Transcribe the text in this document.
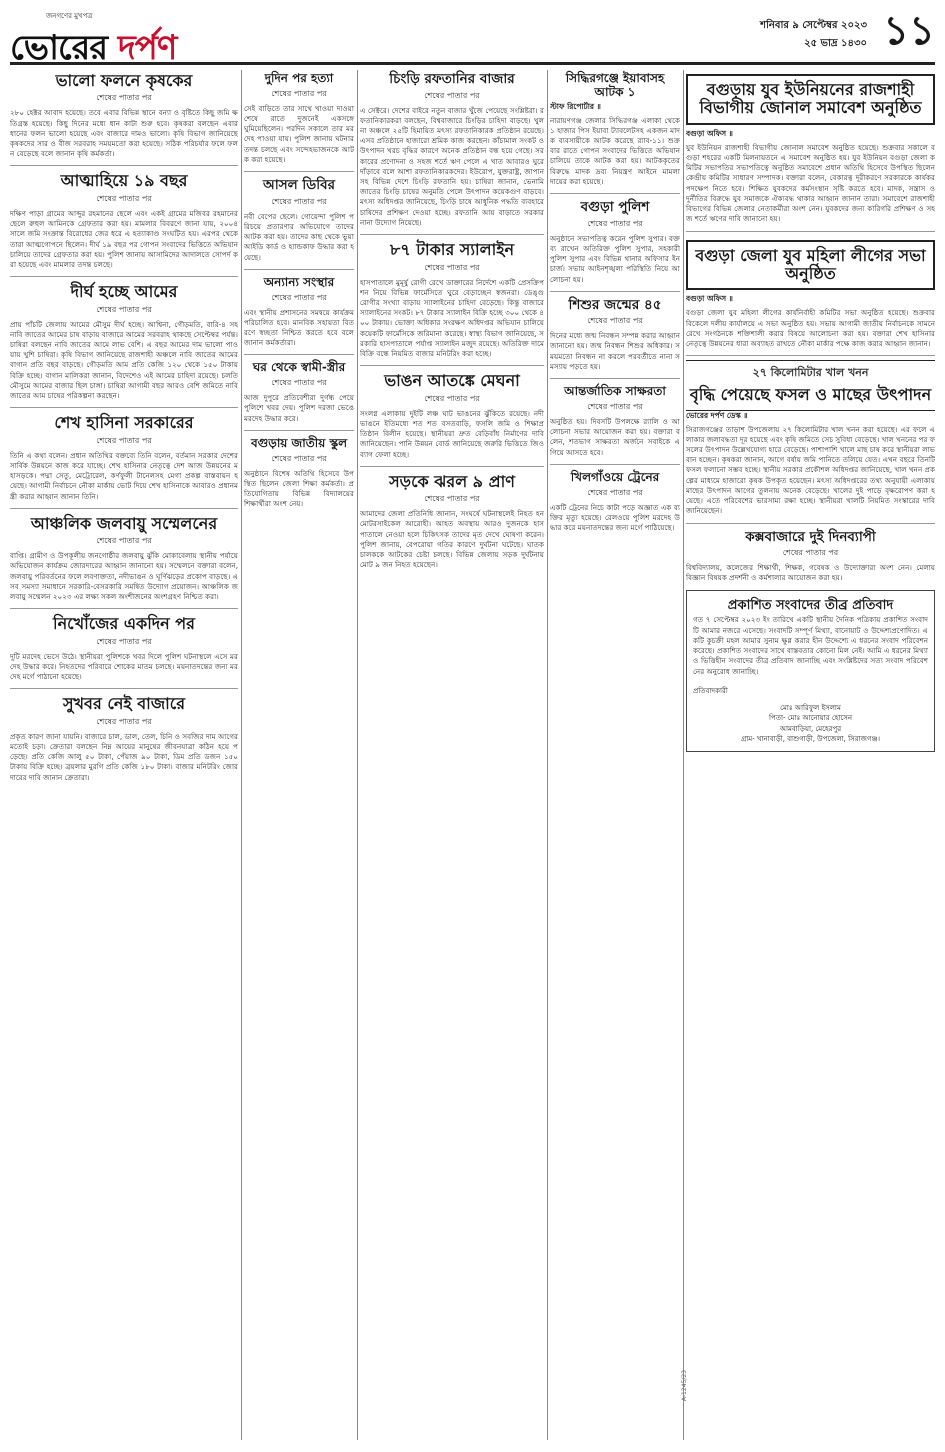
জনগণের মুখপত্র
ভোরের দর্পণ
শনিবার ৯ সেপ্টেম্বর ২০২৩
২৫ ভাদ্র ১৪৩০ ১১
ভালো ফলনে কৃষকের
শেষের পাতার পর

২৮০ হেক্টর আবাদ হয়েছে। তবে এবার বিভিন্ন স্থানে বন্যা ও বৃষ্টিতে কিছু জমি ক্ষতিগ্রস্ত হয়েছে। কিছু দিনের মধ্যে ধান কাটা শুরু হবে। কৃষকরা বলছেন এবার ধানের ফলন ভালো হয়েছে এবং বাজারে দামও ভালো। কৃষি বিভাগ জানিয়েছে কৃষকদের সার ও বীজ সরবরাহ সময়মতো করা হয়েছে। সঠিক পরিচর্যার ফলে ফলন বেড়েছে বলে জানান কৃষি কর্মকর্তা।

আত্মাহিয়ে ১৯ বছর
শেষের পাতার পর

দক্ষিণ পাড়া গ্রামের আব্দুর রহমানের ছেলে এবং একই গ্রামের মজিবর রহমানের ছেলে রুহুল আমিনকে গ্রেফতার করা হয়। মামলার বিবরণে জানা যায়, ২০০৪ সালে জমি সংক্রান্ত বিরোধের জের ধরে এ হত্যাকাণ্ড সংঘটিত হয়। এরপর থেকে তারা আত্মগোপনে ছিলেন। দীর্ঘ ১৯ বছর পর গোপন সংবাদের ভিত্তিতে অভিযান চালিয়ে তাদের গ্রেফতার করা হয়। পুলিশ জানায় আসামিদের আদালতে সোপর্দ করা হয়েছে এবং মামলার তদন্ত চলছে।

দীর্ঘ হচ্ছে আমের
শেষের পাতার পর

প্রায় পাঁচটি জেলায় আমের মৌসুম দীর্ঘ হচ্ছে। আশ্বিনা, গৌড়মতি, বারি-৪ সহ নাবি জাতের আমের চাষ বাড়ায় বাজারে আমের সরবরাহ থাকছে সেপ্টেম্বর পর্যন্ত। চাষিরা বলছেন নাবি জাতের আমে লাভ বেশি। এ বছর আমের দাম ভালো পাওয়ায় খুশি চাষিরা। কৃষি বিভাগ জানিয়েছে রাজশাহী অঞ্চলে নাবি জাতের আমের বাগান প্রতি বছর বাড়ছে। গৌড়মতি আম প্রতি কেজি ১২০ থেকে ১৫০ টাকায় বিক্রি হচ্ছে। বাগান মালিকরা জানান, বিদেশেও এই আমের চাহিদা রয়েছে। চলতি মৌসুমে আমের বাজার ছিল চাঙ্গা। চাষিরা আগামী বছর আরও বেশি জমিতে নাবি জাতের আম চাষের পরিকল্পনা করছেন।

শেখ হাসিনা সরকারের
শেষের পাতার পর

তিনি এ কথা বলেন। প্রধান অতিথির বক্তব্যে তিনি বলেন, বর্তমান সরকার দেশের সার্বিক উন্নয়নে কাজ করে যাচ্ছে। শেখ হাসিনার নেতৃত্বে দেশ আজ উন্নয়নের মহাসড়কে। পদ্মা সেতু, মেট্রোরেল, কর্ণফুলী টানেলসহ মেগা প্রকল্প বাস্তবায়ন হয়েছে। আগামী নির্বাচনে নৌকা মার্কায় ভোট দিয়ে শেখ হাসিনাকে আবারও প্রধানমন্ত্রী করার আহ্বান জানান তিনি।

আঞ্চলিক জলবায়ু সম্মেলনের
শেষের পাতার পর

বাপ্তি। গ্রামীণ ও উপকূলীয় জনগোষ্ঠীর জলবায়ু ঝুঁকি মোকাবেলায় স্থানীয় পর্যায়ে অভিযোজন কার্যক্রম জোরদারের আহ্বান জানানো হয়। সম্মেলনে বক্তারা বলেন, জলবায়ু পরিবর্তনের ফলে লবণাক্ততা, নদীভাঙন ও ঘূর্ণিঝড়ের প্রকোপ বাড়ছে। এসব সমস্যা সমাধানে সরকারি-বেসরকারি সমন্বিত উদ্যোগ প্রয়োজন। আঞ্চলিক জলবায়ু সম্মেলন ২০২৩ এর লক্ষ্য সকল অংশীজনের অংশগ্রহণ নিশ্চিত করা।

নিখোঁজের একদিন পর
শেষের পাতার পর

দুটি মরদেহ ভেসে উঠে। স্থানীয়রা পুলিশকে খবর দিলে পুলিশ ঘটনাস্থলে এসে মরদেহ উদ্ধার করে। নিহতদের পরিবারে শোকের মাতম চলছে। ময়নাতদন্তের জন্য মরদেহ মর্গে পাঠানো হয়েছে।

সুখবর নেই বাজারে
শেষের পাতার পর

প্রকৃত কারণ জানা যায়নি। বাজারে চাল, ডাল, তেল, চিনি ও সবজির দাম আগের মতোই চড়া। ক্রেতারা বলছেন নিম্ন আয়ের মানুষের জীবনযাত্রা কঠিন হয়ে পড়েছে। প্রতি কেজি আলু ৫০ টাকা, পেঁয়াজ ৯০ টাকা, ডিম প্রতি ডজন ১৫০ টাকায় বিক্রি হচ্ছে। ব্রয়লার মুরগি প্রতি কেজি ১৮০ টাকা। বাজার মনিটরিং জোরদারের দাবি জানান ক্রেতারা।

দুদিন পর হত্যা
শেষের পাতার পর

সেই বাড়িতে তার সাথে খাওয়া দাওয়া শেষে রাতে দুজনেই একসঙ্গে ঘুমিয়েছিলেন। পরদিন সকালে তার মরদেহ পাওয়া যায়। পুলিশ জানায় ঘটনার তদন্ত চলছে এবং সন্দেহভাজনকে আটক করা হয়েছে।

আসল ডিবির
শেষের পাতার পর

নবী বেপের ছেলে। গোয়েন্দা পুলিশ পরিচয়ে প্রতারণার অভিযোগে তাদের আটক করা হয়। তাদের কাছ থেকে ভুয়া আইডি কার্ড ও হ্যান্ডকাফ উদ্ধার করা হয়েছে।

অন্যান্য সংস্থার
শেষের পাতার পর

এবং স্থানীয় প্রশাসনের সমন্বয়ে কার্যক্রম পরিচালিত হবে। মানবিক সহায়তা বিতরণে স্বচ্ছতা নিশ্চিত করতে হবে বলে জানান কর্মকর্তারা।

ঘর থেকে স্বামী-স্ত্রীর
শেষের পাতার পর

আজ দুপুরে প্রতিবেশীরা দুর্গন্ধ পেয়ে পুলিশে খবর দেয়। পুলিশ দরজা ভেঙে মরদেহ উদ্ধার করে।

বগুড়ায় জাতীয় স্কুল
শেষের পাতার পর

অনুষ্ঠানে বিশেষ অতিথি হিসেবে উপস্থিত ছিলেন জেলা শিক্ষা কর্মকর্তা। প্রতিযোগিতায় বিভিন্ন বিদ্যালয়ের শিক্ষার্থীরা অংশ নেয়।

চিংড়ি রফতানির বাজার
শেষের পাতার পর

এ সেক্টরে। দেশের বাইরে নতুন বাজার খুঁজে পেয়েছে সংশ্লিষ্টরা। রফতানিকারকরা বলছেন, বিশ্ববাজারে চিংড়ির চাহিদা বাড়ছে। খুলনা অঞ্চলে ২৫টি হিমায়িত মৎস্য রফতানিকারক প্রতিষ্ঠান রয়েছে। এসব প্রতিষ্ঠানে হাজারো শ্রমিক কাজ করছেন। কাঁচামাল সংকট ও উৎপাদন খরচ বৃদ্ধির কারণে অনেক প্রতিষ্ঠান বন্ধ হয়ে গেছে। সরকারের প্রণোদনা ও সহজ শর্তে ঋণ পেলে এ খাত আবারও ঘুরে দাঁড়াবে বলে আশা রফতানিকারকদের। ইউরোপ, যুক্তরাষ্ট্র, জাপানসহ বিভিন্ন দেশে চিংড়ি রফতানি হয়। চাষিরা জানান, ভেনামি জাতের চিংড়ি চাষের অনুমতি পেলে উৎপাদন কয়েকগুণ বাড়বে। মৎস্য অধিদপ্তর জানিয়েছে, চিংড়ি চাষে আধুনিক পদ্ধতি ব্যবহারে চাষিদের প্রশিক্ষণ দেওয়া হচ্ছে। রফতানি আয় বাড়াতে সরকার নানা উদ্যোগ নিয়েছে।

৮৭ টাকার স্যালাইন
শেষের পাতার পর

হাসপাতালে মুমূর্ষু রোগী রেখে ডাক্তারের নির্দেশে একটি প্রেসক্রিপশন নিয়ে বিভিন্ন ফার্মেসিতে ঘুরে বেড়াচ্ছেন স্বজনরা। ডেঙ্গু রোগীর সংখ্যা বাড়ায় স্যালাইনের চাহিদা বেড়েছে। কিন্তু বাজারে স্যালাইনের সংকট। ৮৭ টাকার স্যালাইন বিক্রি হচ্ছে ৩০০ থেকে ৪০০ টাকায়। ভোক্তা অধিকার সংরক্ষণ অধিদপ্তর অভিযান চালিয়ে কয়েকটি ফার্মেসিকে জরিমানা করেছে। স্বাস্থ্য বিভাগ জানিয়েছে, সরকারি হাসপাতালে পর্যাপ্ত স্যালাইন মজুদ রয়েছে। অতিরিক্ত দামে বিক্রি বন্ধে নিয়মিত বাজার মনিটরিং করা হচ্ছে।

ভাঙন আতঙ্কে মেঘনা
শেষের পাতার পর

সংলগ্ন এলাকায় দুইটি লঞ্চ ঘাট ভাঙনের ঝুঁকিতে রয়েছে। নদী ভাঙনে ইতিমধ্যে শত শত বসতবাড়ি, ফসলি জমি ও শিক্ষাপ্রতিষ্ঠান বিলীন হয়েছে। স্থানীয়রা দ্রুত বেড়িবাঁধ নির্মাণের দাবি জানিয়েছেন। পানি উন্নয়ন বোর্ড জানিয়েছে জরুরি ভিত্তিতে জিও ব্যাগ ফেলা হচ্ছে।

সড়কে ঝরল ৯ প্রাণ
শেষের পাতার পর

আমাদের জেলা প্রতিনিধি জানান, সংঘর্ষে ঘটনাস্থলেই নিহত হন মোটরসাইকেল আরোহী। আহত অবস্থায় আরও দুজনকে হাসপাতালে নেওয়া হলে চিকিৎসক তাদের মৃত দেখে ঘোষণা করেন। পুলিশ জানায়, বেপরোয়া গতির কারণে দুর্ঘটনা ঘটেছে। ঘাতক চালককে আটকের চেষ্টা চলছে। বিভিন্ন জেলায় সড়ক দুর্ঘটনায় মোট ৯ জন নিহত হয়েছেন।

সিদ্ধিরগঞ্জে ইয়াবাসহ আটক ১
স্টাফ রিপোর্টার ॥

নারায়ণগঞ্জ জেলার সিদ্ধিরগঞ্জ এলাকা থেকে ১ হাজার পিস ইয়াবা ট্যাবলেটসহ একজন মাদক ব্যবসায়ীকে আটক করেছে র‍্যাব-১১। শুক্রবার রাতে গোপন সংবাদের ভিত্তিতে অভিযান চালিয়ে তাকে আটক করা হয়। আটককৃতের বিরুদ্ধে মাদক দ্রব্য নিয়ন্ত্রণ আইনে মামলা দায়ের করা হয়েছে।

বগুড়া পুলিশ
শেষের পাতার পর

অনুষ্ঠানে সভাপতিত্ব করেন পুলিশ সুপার। বক্তব্য রাখেন অতিরিক্ত পুলিশ সুপার, সহকারী পুলিশ সুপার এবং বিভিন্ন থানার অফিসার ইনচার্জ। সভায় আইনশৃঙ্খলা পরিস্থিতি নিয়ে আলোচনা হয়।

শিশুর জন্মের ৪৫
শেষের পাতার পর

দিনের মধ্যে জন্ম নিবন্ধন সম্পন্ন করার আহ্বান জানানো হয়। জন্ম নিবন্ধন শিশুর অধিকার। সময়মতো নিবন্ধন না করলে পরবর্তীতে নানা সমস্যায় পড়তে হয়।

আন্তর্জাতিক সাক্ষরতা
শেষের পাতার পর

অনুষ্ঠিত হয়। দিবসটি উপলক্ষে র‍্যালি ও আলোচনা সভার আয়োজন করা হয়। বক্তারা বলেন, শতভাগ সাক্ষরতা অর্জনে সবাইকে এগিয়ে আসতে হবে।

খিলগাঁওয়ে ট্রেনের
শেষের পাতার পর

একটি ট্রেনের নিচে কাটা পড়ে অজ্ঞাত এক ব্যক্তির মৃত্যু হয়েছে। রেলওয়ে পুলিশ মরদেহ উদ্ধার করে ময়নাতদন্তের জন্য মর্গে পাঠিয়েছে।

বগুড়ায় যুব ইউনিয়নের রাজশাহী বিভাগীয় জোনাল সমাবেশ অনুষ্ঠিত
বগুড়া অফিস ॥

যুব ইউনিয়ন রাজশাহী বিভাগীয় জোনাল সমাবেশ অনুষ্ঠিত হয়েছে। শুক্রবার সকালে বগুড়া শহরের একটি মিলনায়তনে এ সমাবেশ অনুষ্ঠিত হয়। যুব ইউনিয়ন বগুড়া জেলা কমিটির সভাপতির সভাপতিত্বে অনুষ্ঠিত সমাবেশে প্রধান অতিথি হিসেবে উপস্থিত ছিলেন কেন্দ্রীয় কমিটির সাধারণ সম্পাদক। বক্তারা বলেন, বেকারত্ব দূরীকরণে সরকারকে কার্যকর পদক্ষেপ নিতে হবে। শিক্ষিত যুবকদের কর্মসংস্থান সৃষ্টি করতে হবে। মাদক, সন্ত্রাস ও দুর্নীতির বিরুদ্ধে যুব সমাজকে ঐক্যবদ্ধ থাকার আহ্বান জানান তারা। সমাবেশে রাজশাহী বিভাগের বিভিন্ন জেলার নেতাকর্মীরা অংশ নেন। যুবকদের জন্য কারিগরি প্রশিক্ষণ ও সহজ শর্তে ঋণের দাবি জানানো হয়।

বগুড়া জেলা যুব মহিলা লীগের সভা অনুষ্ঠিত
বগুড়া অফিস ॥

বগুড়া জেলা যুব মহিলা লীগের কার্যনির্বাহী কমিটির সভা অনুষ্ঠিত হয়েছে। শুক্রবার বিকেলে দলীয় কার্যালয়ে এ সভা অনুষ্ঠিত হয়। সভায় আগামী জাতীয় নির্বাচনকে সামনে রেখে সংগঠনকে শক্তিশালী করার বিষয়ে আলোচনা করা হয়। বক্তারা শেখ হাসিনার নেতৃত্বে উন্নয়নের ধারা অব্যাহত রাখতে নৌকা মার্কার পক্ষে কাজ করার আহ্বান জানান।

২৭ কিলোমিটার খাল খনন
বৃদ্ধি পেয়েছে ফসল ও মাছের উৎপাদন
ভোরের দর্পণ ডেস্ক ॥

সিরাজগঞ্জের তাড়াশ উপজেলায় ২৭ কিলোমিটার খাল খনন করা হয়েছে। এর ফলে এলাকার জলাবদ্ধতা দূর হয়েছে এবং কৃষি জমিতে সেচ সুবিধা বেড়েছে। খাল খননের পর ফসলের উৎপাদন উল্লেখযোগ্য হারে বেড়েছে। পাশাপাশি খালে মাছ চাষ করে স্থানীয়রা লাভবান হচ্ছেন। কৃষকরা জানান, আগে বর্ষায় জমি পানিতে তলিয়ে যেত। এখন বছরে তিনটি ফসল ফলানো সম্ভব হচ্ছে। স্থানীয় সরকার প্রকৌশল অধিদপ্তর জানিয়েছে, খাল খনন প্রকল্পের মাধ্যমে হাজারো কৃষক উপকৃত হয়েছেন। মৎস্য অধিদপ্তরের তথ্য অনুযায়ী এলাকায় মাছের উৎপাদন আগের তুলনায় অনেক বেড়েছে। খালের দুই পাড়ে বৃক্ষরোপণ করা হয়েছে। এতে পরিবেশের ভারসাম্য রক্ষা হচ্ছে। স্থানীয়রা খালটি নিয়মিত সংস্কারের দাবি জানিয়েছেন।

কক্সবাজারে দুই দিনব্যাপী
শেষের পাতার পর

বিশ্ববিদ্যালয়, কলেজের শিক্ষার্থী, শিক্ষক, গবেষক ও উদ্যোক্তারা অংশ নেন। মেলায় বিজ্ঞান বিষয়ক প্রদর্শনী ও কর্মশালার আয়োজন করা হয়।

প্রকাশিত সংবাদের তীব্র প্রতিবাদ

গত ৭ সেপ্টেম্বর ২০২৩ ইং তারিখে একটি স্থানীয় দৈনিক পত্রিকায় প্রকাশিত সংবাদটি আমার নজরে এসেছে। সংবাদটি সম্পূর্ণ মিথ্যা, বানোয়াট ও উদ্দেশ্যপ্রণোদিত। একটি কুচক্রী মহল আমার সুনাম ক্ষুণ্ণ করার হীন উদ্দেশ্যে এ ধরনের সংবাদ পরিবেশন করেছে। প্রকাশিত সংবাদের সাথে বাস্তবতার কোনো মিল নেই। আমি এ ধরনের মিথ্যা ও ভিত্তিহীন সংবাদের তীব্র প্রতিবাদ জানাচ্ছি এবং সংশ্লিষ্টদের সত্য সংবাদ পরিবেশনের অনুরোধ জানাচ্ছি।

প্রতিবাদকারী
মোঃ আরিফুল ইসলাম
পিতা- মোঃ আনোয়ার হোসেন
আমবাড়িয়া, মেহেরপুর
গ্রাম- খানাবাড়ী, বাশুগাড়ী, উপজেলা, সিরাজগঞ্জ।
A-1245/23
